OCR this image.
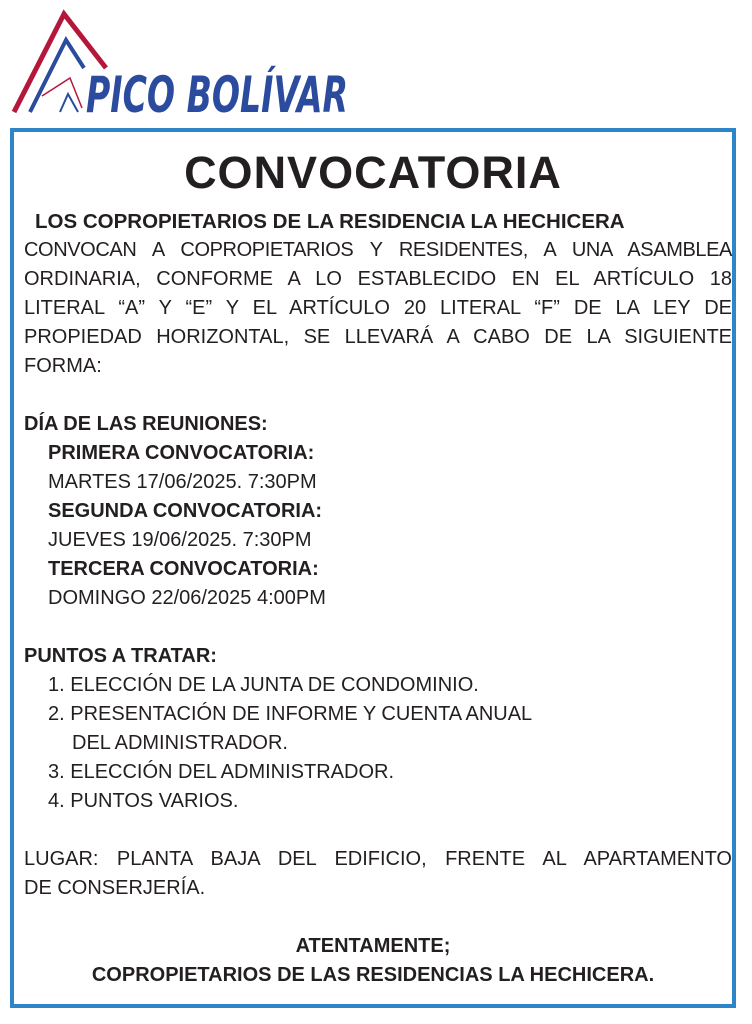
PICO BOLÍVAR
CONVOCATORIA
LOS COPROPIETARIOS DE LA RESIDENCIA LA HECHICERA
CONVOCAN A COPROPIETARIOS Y RESIDENTES, A UNA ASAMBLEA
ORDINARIA, CONFORME A LO ESTABLECIDO EN EL ARTÍCULO 18
LITERAL “A” Y “E” Y EL ARTÍCULO 20 LITERAL “F” DE LA LEY DE
PROPIEDAD HORIZONTAL, SE LLEVARÁ A CABO DE LA SIGUIENTE
FORMA:
DÍA DE LAS REUNIONES:
PRIMERA CONVOCATORIA:
MARTES 17/06/2025. 7:30PM
SEGUNDA CONVOCATORIA:
JUEVES 19/06/2025. 7:30PM
TERCERA CONVOCATORIA:
DOMINGO 22/06/2025 4:00PM
PUNTOS A TRATAR:
1. ELECCIÓN DE LA JUNTA DE CONDOMINIO.
2. PRESENTACIÓN DE INFORME Y CUENTA ANUAL
DEL ADMINISTRADOR.
3. ELECCIÓN DEL ADMINISTRADOR.
4. PUNTOS VARIOS.
LUGAR: PLANTA BAJA DEL EDIFICIO, FRENTE AL APARTAMENTO
DE CONSERJERÍA.
ATENTAMENTE;
COPROPIETARIOS DE LAS RESIDENCIAS LA HECHICERA.
